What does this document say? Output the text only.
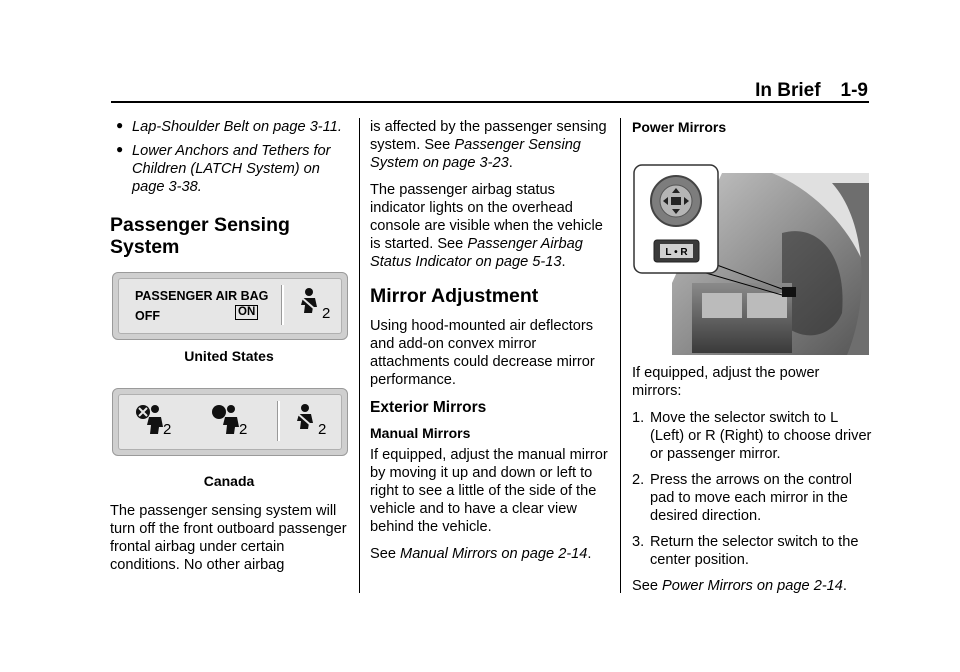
In Brief 1-9
● Lap-Shoulder Belt on page 3-11.
● Lower Anchors and Tethers for Children (LATCH System) on page 3-38.
Passenger Sensing System
PASSENGER AIR BAG
OFF	ON	2
United States
2	2	2
Canada

The passenger sensing system will turn off the front outboard passenger frontal airbag under certain conditions. No other airbag

is affected by the passenger sensing system. See Passenger Sensing System on page 3-23.

The passenger airbag status indicator lights on the overhead console are visible when the vehicle is started. See Passenger Airbag Status Indicator on page 5-13.

Mirror Adjustment

Using hood-mounted air deflectors and add-on convex mirror attachments could decrease mirror performance.

Exterior Mirrors
Manual Mirrors

If equipped, adjust the manual mirror by moving it up and down or left to right to see a little of the side of the vehicle and to have a clear view behind the vehicle.

See Manual Mirrors on page 2-14.

Power Mirrors
L • R

If equipped, adjust the power mirrors:

1. Move the selector switch to L (Left) or R (Right) to choose driver or passenger mirror.
2. Press the arrows on the control pad to move each mirror in the desired direction.
3. Return the selector switch to the center position.

See Power Mirrors on page 2-14.
